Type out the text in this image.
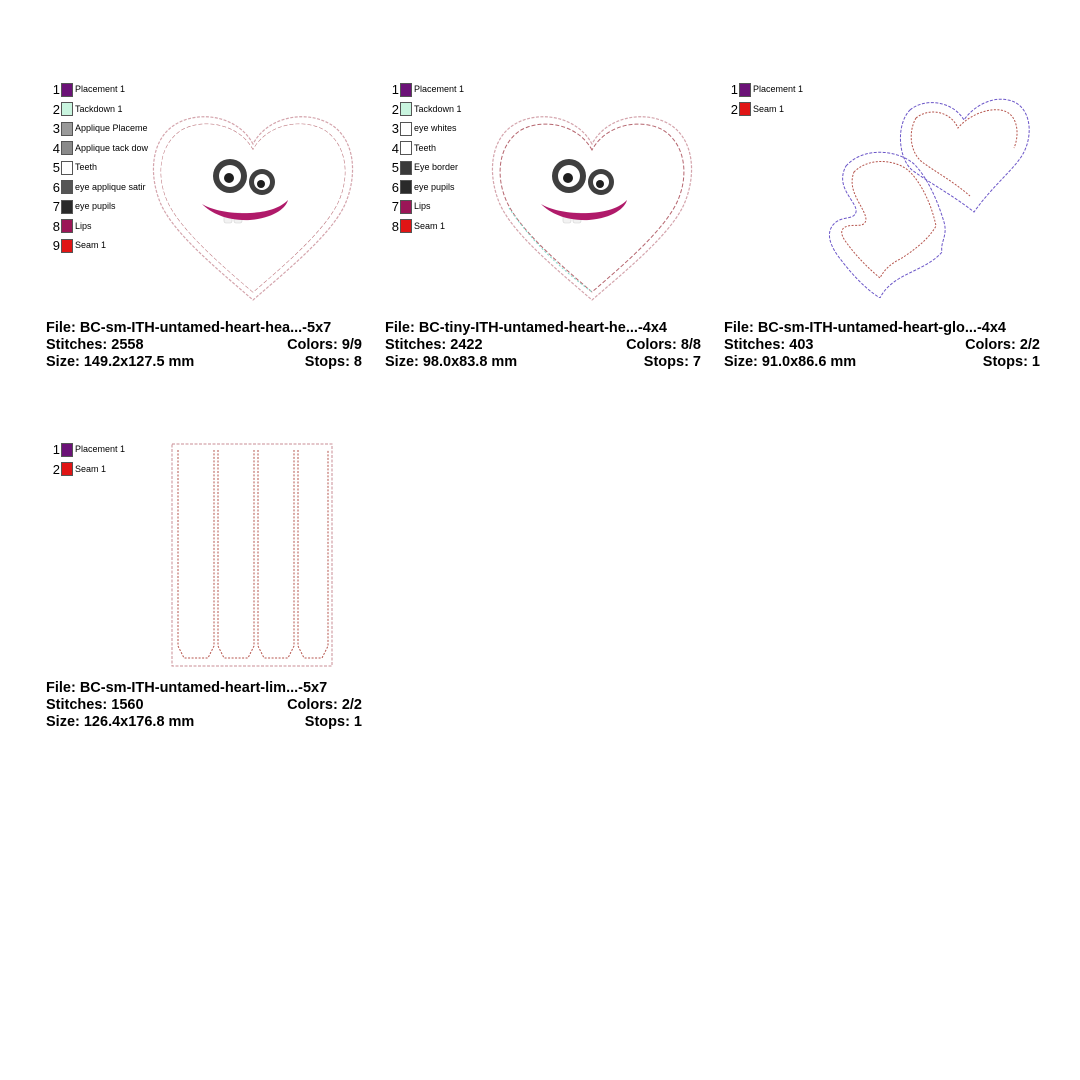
1 Placement 1
2 Tackdown 1
3 Applique Placeme
4 Applique tack dow
5 Teeth
6 eye applique satir
7 eye pupils
8 Lips
9 Seam 1
File: BC-sm-ITH-untamed-heart-hea...-5x7
Stitches: 2558	Colors: 9/9
Size: 149.2x127.5 mm	Stops: 8
1 Placement 1
2 Tackdown 1
3 eye whites
4 Teeth
5 Eye border
6 eye pupils
7 Lips
8 Seam 1
File: BC-tiny-ITH-untamed-heart-he...-4x4
Stitches: 2422	Colors: 8/8
Size: 98.0x83.8 mm	Stops: 7
1 Placement 1
2 Seam 1
File: BC-sm-ITH-untamed-heart-glo...-4x4
Stitches: 403	Colors: 2/2
Size: 91.0x86.6 mm	Stops: 1
1 Placement 1
2 Seam 1
File: BC-sm-ITH-untamed-heart-lim...-5x7
Stitches: 1560	Colors: 2/2
Size: 126.4x176.8 mm	Stops: 1
